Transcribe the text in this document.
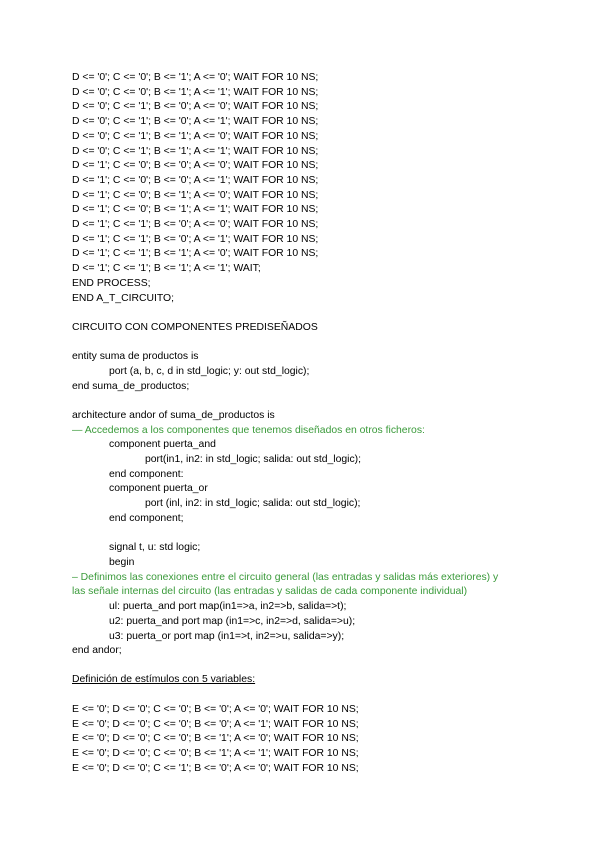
D <= '0'; C <= '0'; B <= '1'; A <= '0'; WAIT FOR 10 NS;
D <= '0'; C <= '0'; B <= '1'; A <= '1'; WAIT FOR 10 NS;
D <= '0'; C <= '1'; B <= '0'; A <= '0'; WAIT FOR 10 NS;
D <= '0'; C <= '1'; B <= '0'; A <= '1'; WAIT FOR 10 NS;
D <= '0'; C <= '1'; B <= '1'; A <= '0'; WAIT FOR 10 NS;
D <= '0'; C <= '1'; B <= '1'; A <= '1'; WAIT FOR 10 NS;
D <= '1'; C <= '0'; B <= '0'; A <= '0'; WAIT FOR 10 NS;
D <= '1'; C <= '0'; B <= '0'; A <= '1'; WAIT FOR 10 NS;
D <= '1'; C <= '0'; B <= '1'; A <= '0'; WAIT FOR 10 NS;
D <= '1'; C <= '0'; B <= '1'; A <= '1'; WAIT FOR 10 NS;
D <= '1'; C <= '1'; B <= '0'; A <= '0'; WAIT FOR 10 NS;
D <= '1'; C <= '1'; B <= '0'; A <= '1'; WAIT FOR 10 NS;
D <= '1'; C <= '1'; B <= '1'; A <= '0'; WAIT FOR 10 NS;
D <= '1'; C <= '1'; B <= '1'; A <= '1'; WAIT;
END PROCESS;
END A_T_CIRCUITO;
CIRCUITO CON COMPONENTES PREDISEÑADOS
entity suma de productos is
port (a, b, c, d in std_logic; y: out std_logic);
end suma_de_productos;
architecture andor of suma_de_productos is
— Accedemos a los componentes que tenemos diseñados en otros ficheros:
component puerta_and
port(in1, in2: in std_logic; salida: out std_logic);
end component:
component puerta_or
port (inl, in2: in std_logic; salida: out std_logic);
end component;
signal t, u: std logic;
begin
– Definimos las conexiones entre el circuito general (las entradas y salidas más exteriores) y
las señale internas del circuito (las entradas y salidas de cada componente individual)
ul: puerta_and port map(in1=>a, in2=>b, salida=>t);
u2: puerta_and port map (in1=>c, in2=>d, salida=>u);
u3: puerta_or port map (in1=>t, in2=>u, salida=>y);
end andor;
Definición de estímulos con 5 variables:
E <= '0'; D <= '0'; C <= '0'; B <= '0'; A <= '0'; WAIT FOR 10 NS;
E <= '0'; D <= '0'; C <= '0'; B <= '0'; A <= '1'; WAIT FOR 10 NS;
E <= '0'; D <= '0'; C <= '0'; B <= '1'; A <= '0'; WAIT FOR 10 NS;
E <= '0'; D <= '0'; C <= '0'; B <= '1'; A <= '1'; WAIT FOR 10 NS;
E <= '0'; D <= '0'; C <= '1'; B <= '0'; A <= '0'; WAIT FOR 10 NS;
